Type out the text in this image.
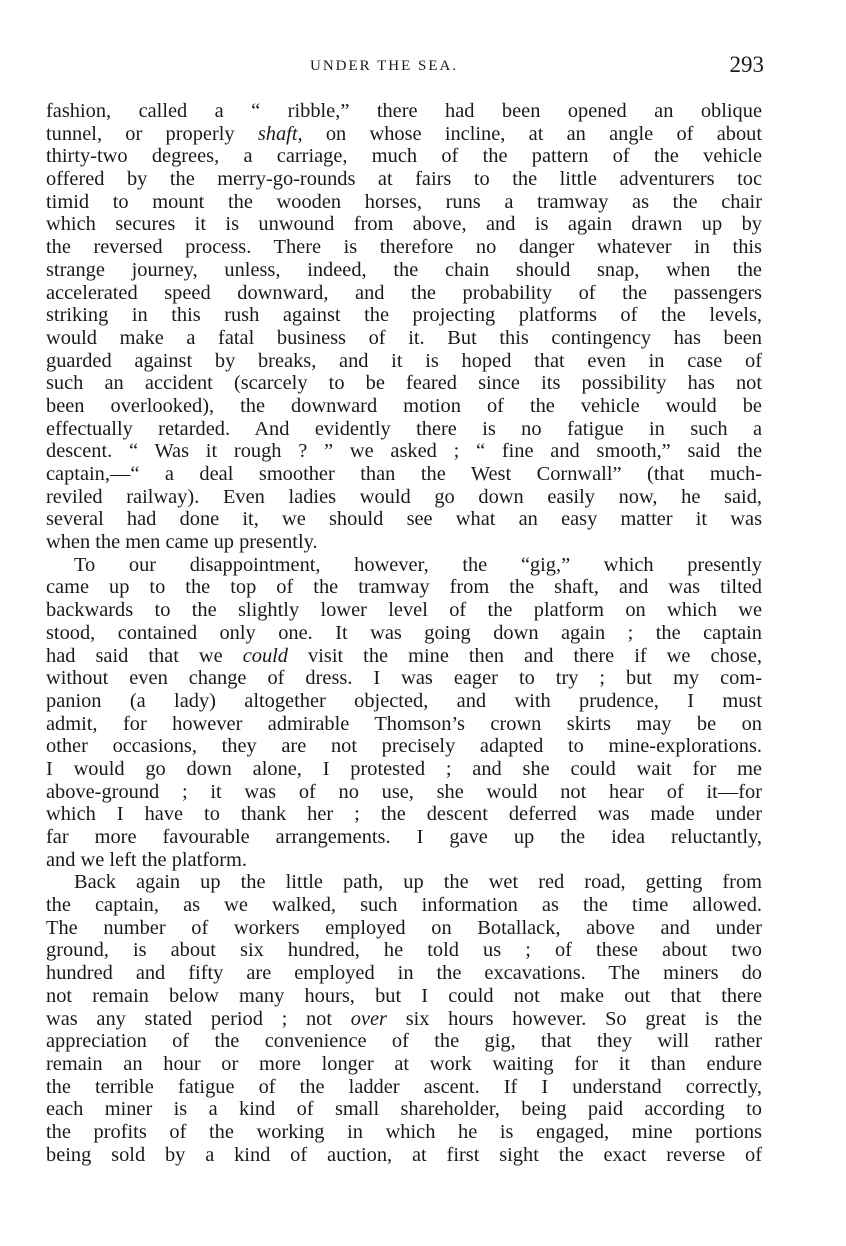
UNDER THE SEA.	293
fashion, called a “ ribble,” there had been opened an oblique
tunnel, or properly shaft, on whose incline, at an angle of about
thirty-two degrees, a carriage, much of the pattern of the vehicle
offered by the merry-go-rounds at fairs to the little adventurers toc
timid to mount the wooden horses, runs a tramway as the chair
which secures it is unwound from above, and is again drawn up by
the reversed process. There is therefore no danger whatever in this
strange journey, unless, indeed, the chain should snap, when the
accelerated speed downward, and the probability of the passengers
striking in this rush against the projecting platforms of the levels,
would make a fatal business of it. But this contingency has been
guarded against by breaks, and it is hoped that even in case of
such an accident (scarcely to be feared since its possibility has not
been overlooked), the downward motion of the vehicle would be
effectually retarded. And evidently there is no fatigue in such a
descent. “ Was it rough ? ” we asked ; “ fine and smooth,” said the
captain,—“ a deal smoother than the West Cornwall” (that much-
reviled railway). Even ladies would go down easily now, he said,
several had done it, we should see what an easy matter it was
when the men came up presently.
To our disappointment, however, the “gig,” which presently
came up to the top of the tramway from the shaft, and was tilted
backwards to the slightly lower level of the platform on which we
stood, contained only one. It was going down again ; the captain
had said that we could visit the mine then and there if we chose,
without even change of dress. I was eager to try ; but my com-
panion (a lady) altogether objected, and with prudence, I must
admit, for however admirable Thomson’s crown skirts may be on
other occasions, they are not precisely adapted to mine-explorations.
I would go down alone, I protested ; and she could wait for me
above-ground ; it was of no use, she would not hear of it—for
which I have to thank her ; the descent deferred was made under
far more favourable arrangements. I gave up the idea reluctantly,
and we left the platform.
Back again up the little path, up the wet red road, getting from
the captain, as we walked, such information as the time allowed.
The number of workers employed on Botallack, above and under
ground, is about six hundred, he told us ; of these about two
hundred and fifty are employed in the excavations. The miners do
not remain below many hours, but I could not make out that there
was any stated period ; not over six hours however. So great is the
appreciation of the convenience of the gig, that they will rather
remain an hour or more longer at work waiting for it than endure
the terrible fatigue of the ladder ascent. If I understand correctly,
each miner is a kind of small shareholder, being paid according to
the profits of the working in which he is engaged, mine portions
being sold by a kind of auction, at first sight the exact reverse of
